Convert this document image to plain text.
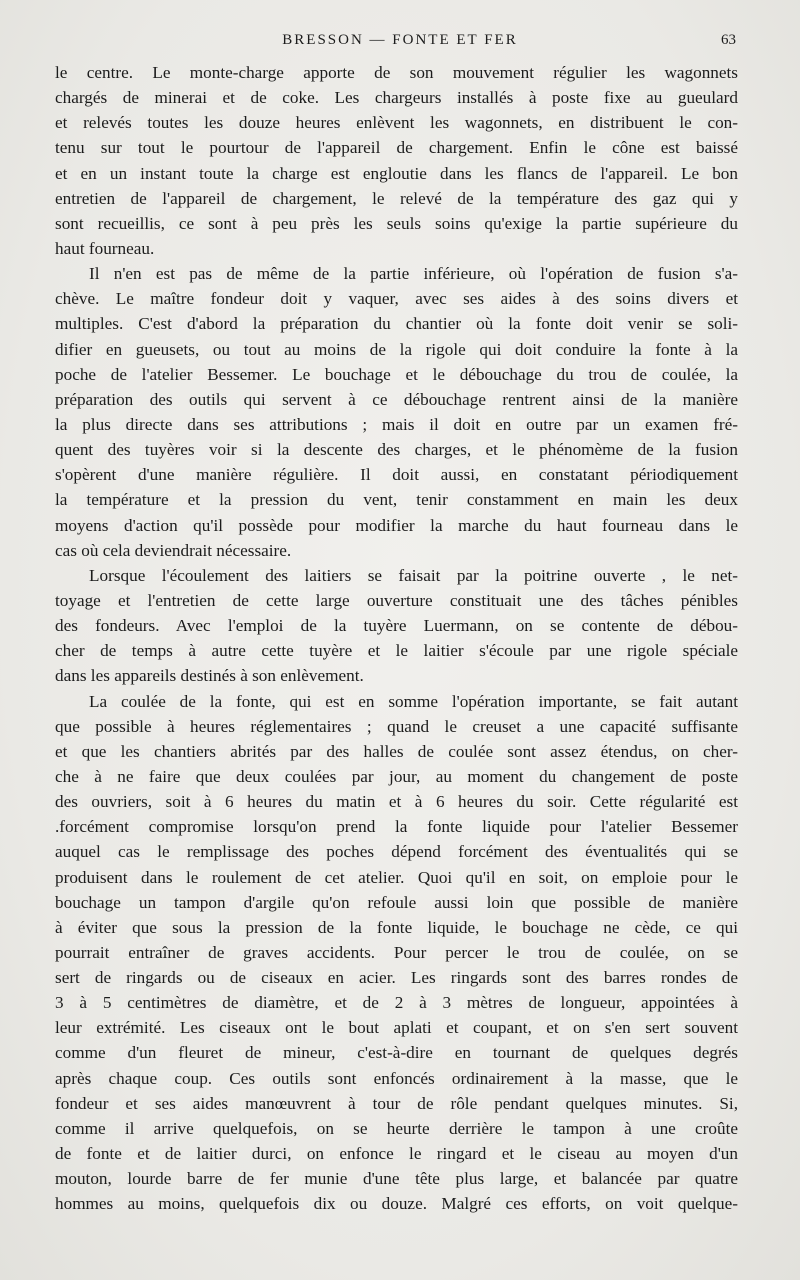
BRESSON — FONTE ET FER	63
le centre. Le monte-charge apporte de son mouvement régulier les wagonnets
chargés de minerai et de coke. Les chargeurs installés à poste fixe au gueulard
et relevés toutes les douze heures enlèvent les wagonnets, en distribuent le con-
tenu sur tout le pourtour de l'appareil de chargement. Enfin le cône est baissé
et en un instant toute la charge est engloutie dans les flancs de l'appareil. Le bon
entretien de l'appareil de chargement, le relevé de la température des gaz qui y
sont recueillis, ce sont à peu près les seuls soins qu'exige la partie supérieure du
haut fourneau.
Il n'en est pas de même de la partie inférieure, où l'opération de fusion s'a-
chève. Le maître fondeur doit y vaquer, avec ses aides à des soins divers et
multiples. C'est d'abord la préparation du chantier où la fonte doit venir se soli-
difier en gueusets, ou tout au moins de la rigole qui doit conduire la fonte à la
poche de l'atelier Bessemer. Le bouchage et le débouchage du trou de coulée, la
préparation des outils qui servent à ce débouchage rentrent ainsi de la manière
la plus directe dans ses attributions ; mais il doit en outre par un examen fré-
quent des tuyères voir si la descente des charges, et le phénomème de la fusion
s'opèrent d'une manière régulière. Il doit aussi, en constatant périodiquement
la température et la pression du vent, tenir constamment en main les deux
moyens d'action qu'il possède pour modifier la marche du haut fourneau dans le
cas où cela deviendrait nécessaire.
Lorsque l'écoulement des laitiers se faisait par la poitrine ouverte , le net-
toyage et l'entretien de cette large ouverture constituait une des tâches pénibles
des fondeurs. Avec l'emploi de la tuyère Luermann, on se contente de débou-
cher de temps à autre cette tuyère et le laitier s'écoule par une rigole spéciale
dans les appareils destinés à son enlèvement.
La coulée de la fonte, qui est en somme l'opération importante, se fait autant
que possible à heures réglementaires ; quand le creuset a une capacité suffisante
et que les chantiers abrités par des halles de coulée sont assez étendus, on cher-
che à ne faire que deux coulées par jour, au moment du changement de poste
des ouvriers, soit à 6 heures du matin et à 6 heures du soir. Cette régularité est
.forcément compromise lorsqu'on prend la fonte liquide pour l'atelier Bessemer
auquel cas le remplissage des poches dépend forcément des éventualités qui se
produisent dans le roulement de cet atelier. Quoi qu'il en soit, on emploie pour le
bouchage un tampon d'argile qu'on refoule aussi loin que possible de manière
à éviter que sous la pression de la fonte liquide, le bouchage ne cède, ce qui
pourrait entraîner de graves accidents. Pour percer le trou de coulée, on se
sert de ringards ou de ciseaux en acier. Les ringards sont des barres rondes de
3 à 5 centimètres de diamètre, et de 2 à 3 mètres de longueur, appointées à
leur extrémité. Les ciseaux ont le bout aplati et coupant, et on s'en sert souvent
comme d'un fleuret de mineur, c'est-à-dire en tournant de quelques degrés
après chaque coup. Ces outils sont enfoncés ordinairement à la masse, que le
fondeur et ses aides manœuvrent à tour de rôle pendant quelques minutes. Si,
comme il arrive quelquefois, on se heurte derrière le tampon à une croûte
de fonte et de laitier durci, on enfonce le ringard et le ciseau au moyen d'un
mouton, lourde barre de fer munie d'une tête plus large, et balancée par quatre
hommes au moins, quelquefois dix ou douze. Malgré ces efforts, on voit quelque-
